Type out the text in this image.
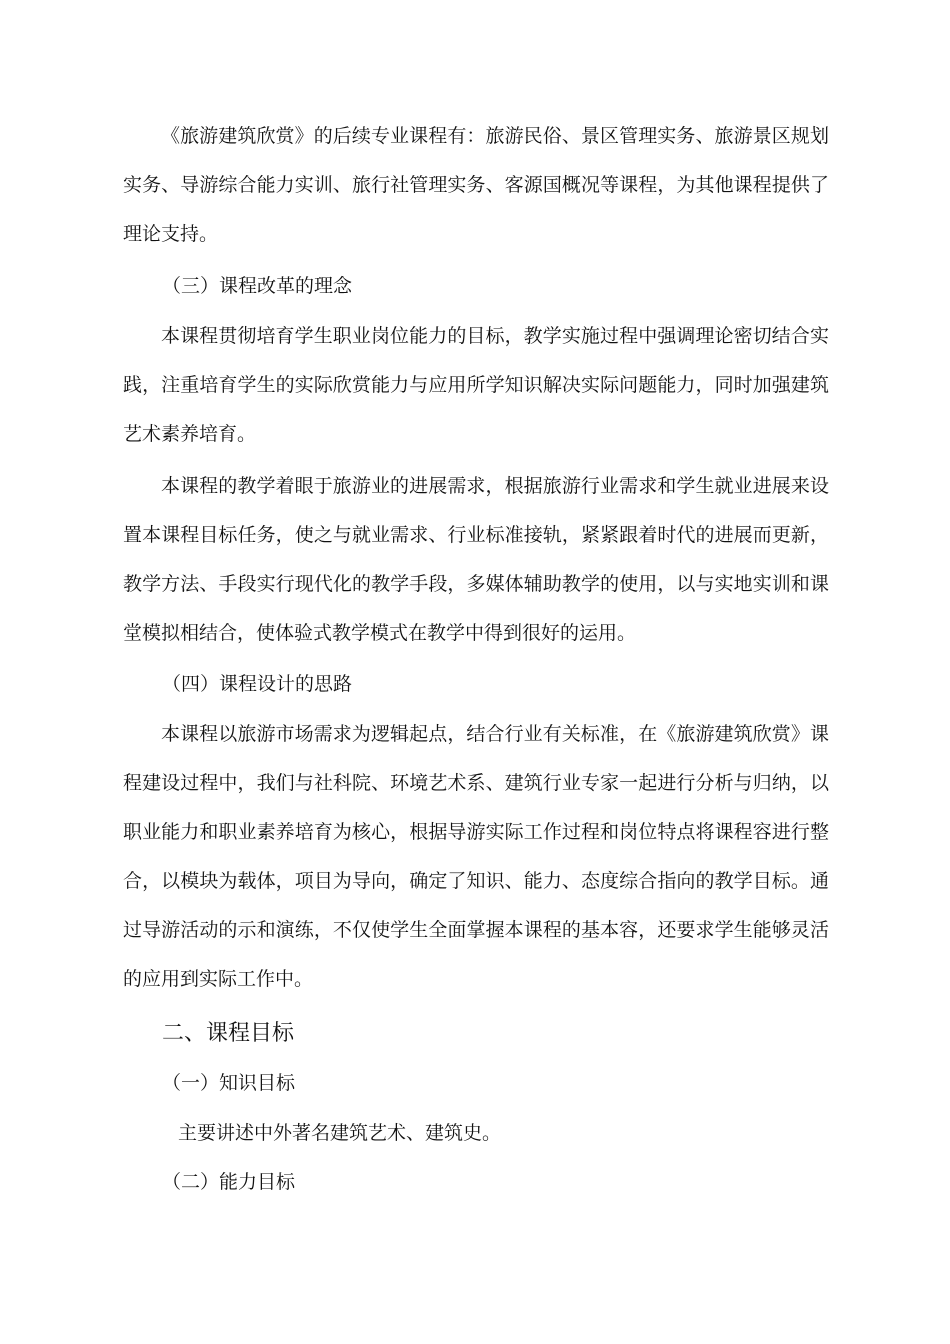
《旅游建筑欣赏》的后续专业课程有：旅游民俗、景区管理实务、旅游景区规划实务、导游综合能力实训、旅行社管理实务、客源国概况等课程，为其他课程提供了理论支持。

（三）课程改革的理念

本课程贯彻培育学生职业岗位能力的目标，教学实施过程中强调理论密切结合实践，注重培育学生的实际欣赏能力与应用所学知识解决实际问题能力，同时加强建筑艺术素养培育。

本课程的教学着眼于旅游业的进展需求，根据旅游行业需求和学生就业进展来设置本课程目标任务，使之与就业需求、行业标准接轨，紧紧跟着时代的进展而更新，教学方法、手段实行现代化的教学手段，多媒体辅助教学的使用，以与实地实训和课堂模拟相结合，使体验式教学模式在教学中得到很好的运用。

（四）课程设计的思路

本课程以旅游市场需求为逻辑起点，结合行业有关标准，在《旅游建筑欣赏》课程建设过程中，我们与社科院、环境艺术系、建筑行业专家一起进行分析与归纳，以职业能力和职业素养培育为核心，根据导游实际工作过程和岗位特点将课程容进行整合，以模块为载体，项目为导向，确定了知识、能力、态度综合指向的教学目标。通过导游活动的示和演练，不仅使学生全面掌握本课程的基本容，还要求学生能够灵活的应用到实际工作中。

二、课程目标

（一）知识目标

主要讲述中外著名建筑艺术、建筑史。

（二）能力目标
